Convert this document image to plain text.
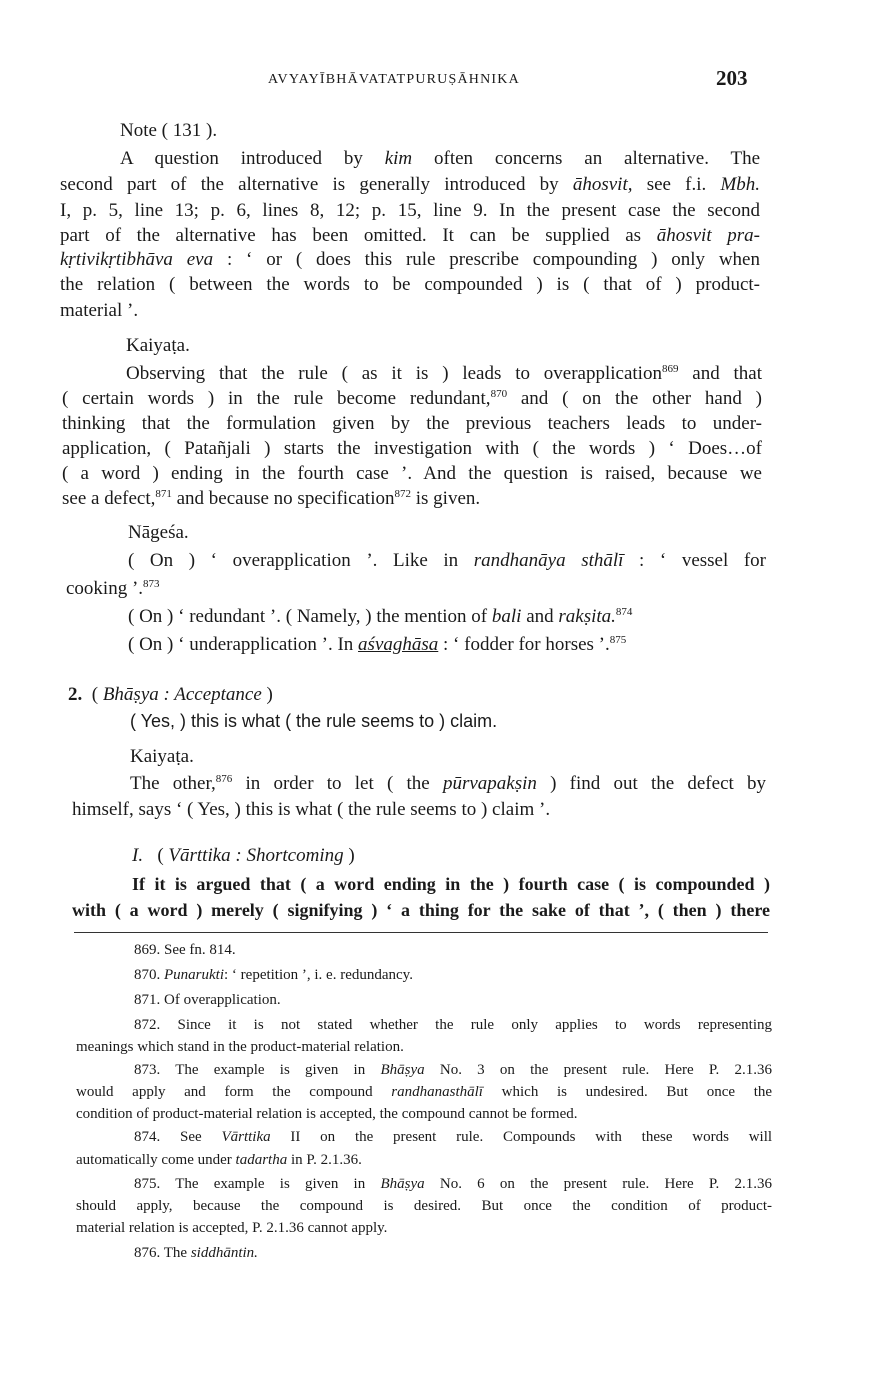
AVYAYĪBHĀVATATPURUṢĀHNIKA	203
Note ( 131 ).
A question introduced by kim often concerns an alternative. The
second part of the alternative is generally introduced by āhosvit, see f.i. Mbh.
I, p. 5, line 13; p. 6, lines 8, 12; p. 15, line 9. In the present case the second
part of the alternative has been omitted. It can be supplied as āhosvit pra-
kṛtivikṛtibhāva eva : ‘ or ( does this rule prescribe compounding ) only when
the relation ( between the words to be compounded ) is ( that of ) product-
material ’.
Kaiyaṭa.
Observing that the rule ( as it is ) leads to overapplication$^{869}$ and that
( certain words ) in the rule become redundant,$^{870}$ and ( on the other hand )
thinking that the formulation given by the previous teachers leads to under-
application, ( Patañjali ) starts the investigation with ( the words ) ‘ Does…of
( a word ) ending in the fourth case ’. And the question is raised, because we
see a defect,$^{871}$ and because no specification$^{872}$ is given.
Nāgeśa.
( On ) ‘ overapplication ’. Like in randhanāya sthālī : ‘ vessel for
cooking ’.$^{873}$
( On ) ‘ redundant ’. ( Namely, ) the mention of bali and rakṣita.$^{874}$
( On ) ‘ underapplication ’. In aśvaghāsa : ‘ fodder for horses ’.$^{875}$
2. ( Bhāṣya : Acceptance )
( Yes, ) this is what ( the rule seems to ) claim.
Kaiyaṭa.
The other,$^{876}$ in order to let ( the pūrvapakṣin ) find out the defect by
himself, says ‘ ( Yes, ) this is what ( the rule seems to ) claim ’.
I. ( Vārttika : Shortcoming )
If it is argued that ( a word ending in the ) fourth case ( is compounded )
with ( a word ) merely ( signifying ) ‘ a thing for the sake of that ’, ( then ) there
869. See fn. 814.
870. Punarukti: ‘ repetition ’, i. e. redundancy.
871. Of overapplication.
872. Since it is not stated whether the rule only applies to words representing
meanings which stand in the product-material relation.
873. The example is given in Bhāṣya No. 3 on the present rule. Here P. 2.1.36
would apply and form the compound randhanasthālī which is undesired. But once the
condition of product-material relation is accepted, the compound cannot be formed.
874. See Vārttika II on the present rule. Compounds with these words will
automatically come under tadartha in P. 2.1.36.
875. The example is given in Bhāṣya No. 6 on the present rule. Here P. 2.1.36
should apply, because the compound is desired. But once the condition of product-
material relation is accepted, P. 2.1.36 cannot apply.
876. The siddhāntin.
